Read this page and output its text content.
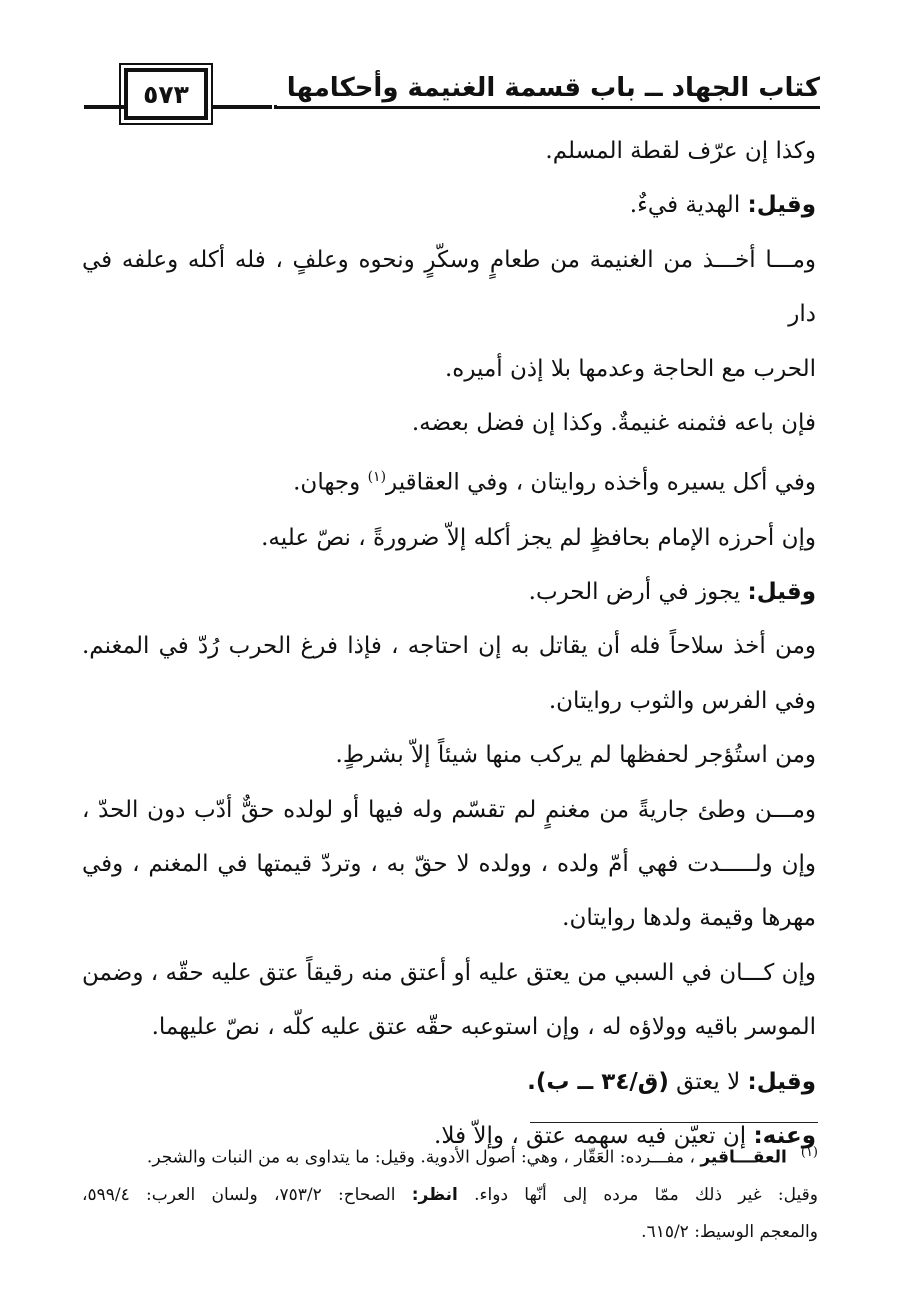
٥٧٣	كتاب الجهاد ــ باب قسمة الغنيمة وأحكامها
وكذا إن عرّف لقطة المسلم.
وقيل: الهدية فيءٌ.
ومـــا أخـــذ من الغنيمة من طعامٍ وسكّرٍ ونحوه وعلفٍ ، فله أكله وعلفه في دار
الحرب مع الحاجة وعدمها بلا إذن أميره.
فإن باعه فثمنه غنيمةٌ. وكذا إن فضل بعضه.
وفي أكل يسيره وأخذه روايتان ، وفي العقاقير$^{(١)}$ وجهان.
وإن أحرزه الإمام بحافظٍ لم يجز أكله إلاّ ضرورةً ، نصّ عليه.
وقيل: يجوز في أرض الحرب.
ومن أخذ سلاحاً فله أن يقاتل به إن احتاجه ، فإذا فرغ الحرب رُدّ في المغنم.
وفي الفرس والثوب روايتان.
ومن استُؤجر لحفظها لم يركب منها شيئاً إلاّ بشرطٍ.
ومـــن وطئ جاريةً من مغنمٍ لم تقسّم وله فيها أو لولده حقٌّ أدّب دون الحدّ ،
وإن ولـــــدت فهي أمّ ولده ، وولده لا حقّ به ، وتردّ قيمتها في المغنم ، وفي
مهرها وقيمة ولدها روايتان.
وإن كـــان في السبي من يعتق عليه أو أعتق منه رقيقاً عتق عليه حقّه ، وضمن
الموسر باقيه وولاؤه له ، وإن استوعبه حقّه عتق عليه كلّه ، نصّ عليهما.
وقيل: لا يعتق (ق/٣٤ ــ ب).
وعنه: إن تعيّن فيه سهمه عتق ، وإلاّ فلا.
$^{(١)}$العقـــاقير ، مفـــرده: العَقّار ، وهي: أصول الأدوية. وقيل: ما يتداوى به من النبات والشجر.
وقيل: غير ذلك ممّا مرده إلى أنّها دواء. انظر: الصحاح: ٧٥٣/٢، ولسان العرب: ٥٩٩/٤،
والمعجم الوسيط: ٦١٥/٢.
